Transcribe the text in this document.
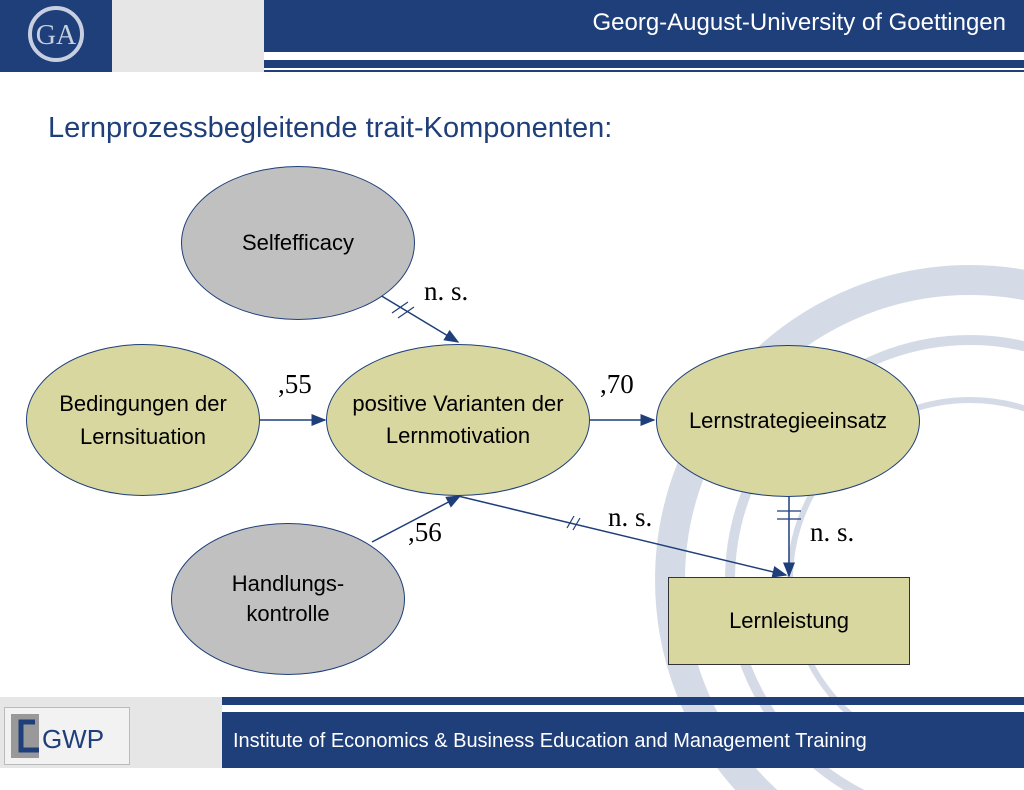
GA	Georg-August-University of Goettingen
Lernprozessbegleitende trait-Komponenten:
Selfefficacy
Bedingungen der Lernsituation
positive Varianten der Lernmotivation
Lernstrategieeinsatz
Handlungs- kontrolle	Lernleistung
n. s.
,55	,70
,56	n. s.	n. s.
GWP	Institute of Economics & Business Education and Management Training
